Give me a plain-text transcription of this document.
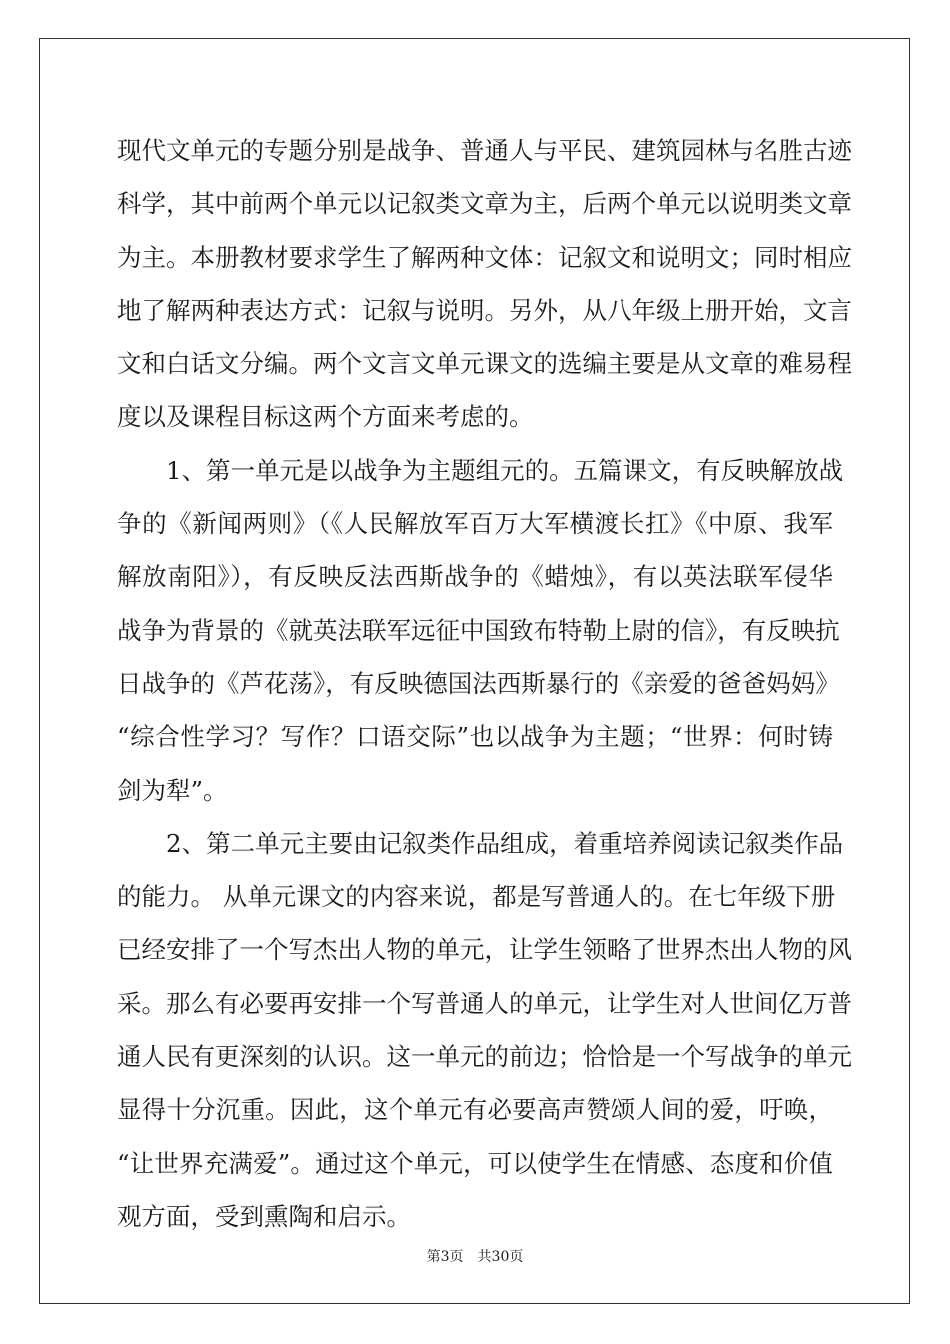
现代文单元的专题分别是战争、普通人与平民、建筑园林与名胜古迹
科学，其中前两个单元以记叙类文章为主，后两个单元以说明类文章
为主。本册教材要求学生了解两种文体：记叙文和说明文；同时相应
地了解两种表达方式：记叙与说明。另外，从八年级上册开始，文言
文和白话文分编。两个文言文单元课文的选编主要是从文章的难易程
度以及课程目标这两个方面来考虑的。
　　1、第一单元是以战争为主题组元的。五篇课文，有反映解放战
争的《新闻两则》（《人民解放军百万大军横渡长扛》《中原、我军
解放南阳》），有反映反法西斯战争的《蜡烛》，有以英法联军侵华
战争为背景的《就英法联军远征中国致布特勒上尉的信》，有反映抗
日战争的《芦花荡》，有反映德国法西斯暴行的《亲爱的爸爸妈妈》
“综合性学习？写作？口语交际”也以战争为主题；“世界：何时铸
剑为犁”。
　　2、第二单元主要由记叙类作品组成，着重培养阅读记叙类作品
的能力。 从单元课文的内容来说，都是写普通人的。在七年级下册
已经安排了一个写杰出人物的单元，让学生领略了世界杰出人物的风
采。那么有必要再安排一个写普通人的单元，让学生对人世间亿万普
通人民有更深刻的认识。这一单元的前边；恰恰是一个写战争的单元
显得十分沉重。因此，这个单元有必要高声赞颂人间的爱，吁唤，
“让世界充满爱”。通过这个单元，可以使学生在情感、态度和价值
观方面，受到熏陶和启示。
第3页　共30页
